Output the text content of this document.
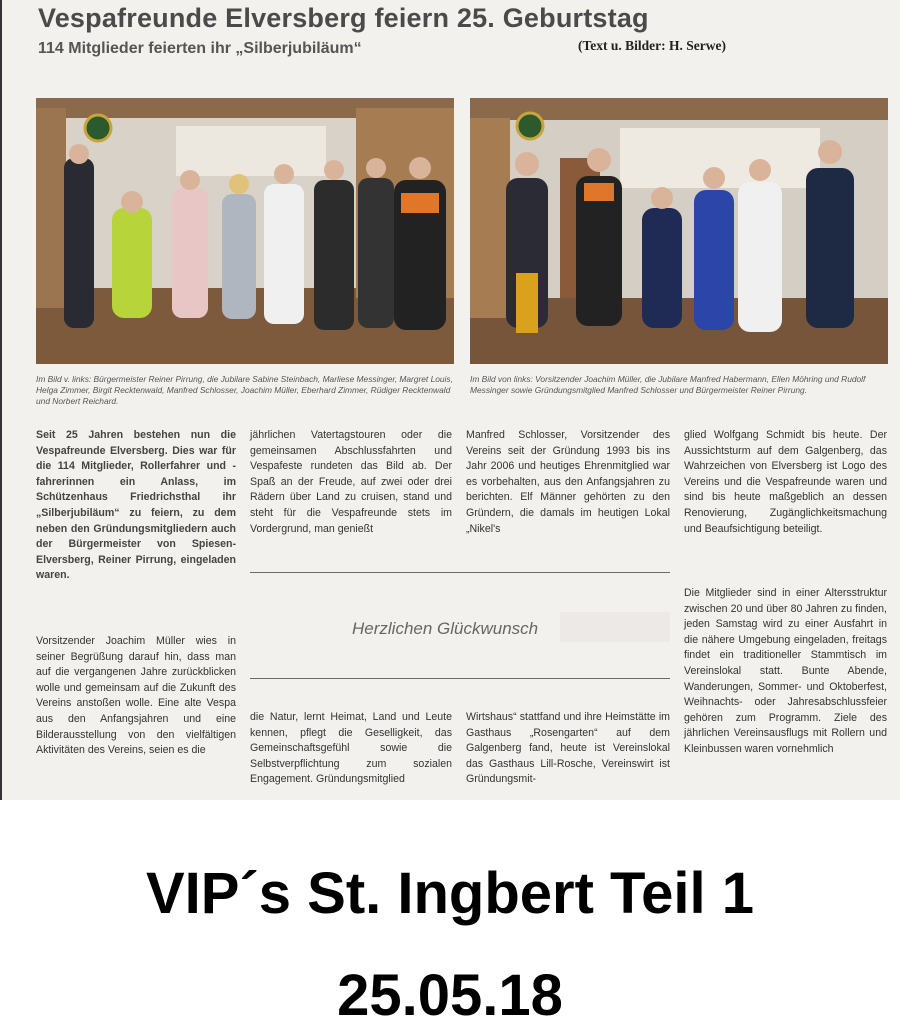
Vespafreunde Elversberg feiern 25. Geburtstag
114 Mitglieder feierten ihr „Silberjubiläum“	(Text u. Bilder: H. Serwe)
Im Bild v. links: Bürgermeister Reiner Pirrung, die Jubilare Sabine Steinbach, Marliese Messinger, Margret Louis, Helga Zimmer, Birgit Recktenwald, Manfred Schlosser, Joachim Müller, Eberhard Zimmer, Rüdiger Recktenwald und Norbert Reichard.
Im Bild von links: Vorsitzender Joachim Müller, die Jubilare Manfred Habermann, Ellen Möhring und Rudolf Messinger sowie Gründungsmitglied Manfred Schlosser und Bürgermeister Reiner Pirrung.
Seit 25 Jahren bestehen nun die Vespafreunde Elversberg. Dies war für die 114 Mitglieder, Rollerfahrer und -fahrerinnen ein Anlass, im Schützenhaus Friedrichsthal ihr „Silberjubiläum“ zu feiern, zu dem neben den Gründungsmitgliedern auch der Bürgermeister von Spiesen-Elversberg, Reiner Pirrung, eingeladen waren.
Vorsitzender Joachim Müller wies in seiner Begrüßung darauf hin, dass man auf die vergangenen Jahre zurückblicken wolle und gemeinsam auf die Zukunft des Vereins anstoßen wolle. Eine alte Vespa aus den Anfangsjahren und eine Bilderausstellung von den vielfältigen Aktivitäten des Vereins, seien es die
jährlichen Vatertagstouren oder die gemeinsamen Abschlussfahrten und Vespafeste rundeten das Bild ab. Der Spaß an der Freude, auf zwei oder drei Rädern über Land zu cruisen, stand und steht für die Vespafreunde stets im Vordergrund, man genießt
Manfred Schlosser, Vorsitzender des Vereins seit der Gründung 1993 bis ins Jahr 2006 und heutiges Ehrenmitglied war es vorbehalten, aus den Anfangsjahren zu berichten. Elf Männer gehörten zu den Gründern, die damals im heutigen Lokal „Nikel's
glied Wolfgang Schmidt bis heute. Der Aussichtsturm auf dem Galgenberg, das Wahrzeichen von Elversberg ist Logo des Vereins und die Vespafreunde waren und sind bis heute maßgeblich an dessen Renovierung, Zugänglichkeitsmachung und Beaufsichtigung beteiligt.
Die Mitglieder sind in einer Altersstruktur zwischen 20 und über 80 Jahren zu finden, jeden Samstag wird zu einer Ausfahrt in die nähere Umgebung eingeladen, freitags findet ein traditioneller Stammtisch im Vereinslokal statt. Bunte Abende, Wanderungen, Sommer- und Oktoberfest, Weihnachts- oder Jahresabschlussfeier gehören zum Programm. Ziele des jährlichen Vereinsausflugs mit Rollern und Kleinbussen waren vornehmlich
Herzlichen Glückwunsch
die Natur, lernt Heimat, Land und Leute kennen, pflegt die Geselligkeit, das Gemeinschaftsgefühl sowie die Selbstverpflichtung zum sozialen Engagement. Gründungsmitglied
Wirtshaus“ stattfand und ihre Heimstätte im Gasthaus „Rosengarten“ auf dem Galgenberg fand, heute ist Vereinslokal das Gasthaus Lill-Rosche, Vereinswirt ist Gründungsmit-
VIP´s St. Ingbert Teil 1
25.05.18
